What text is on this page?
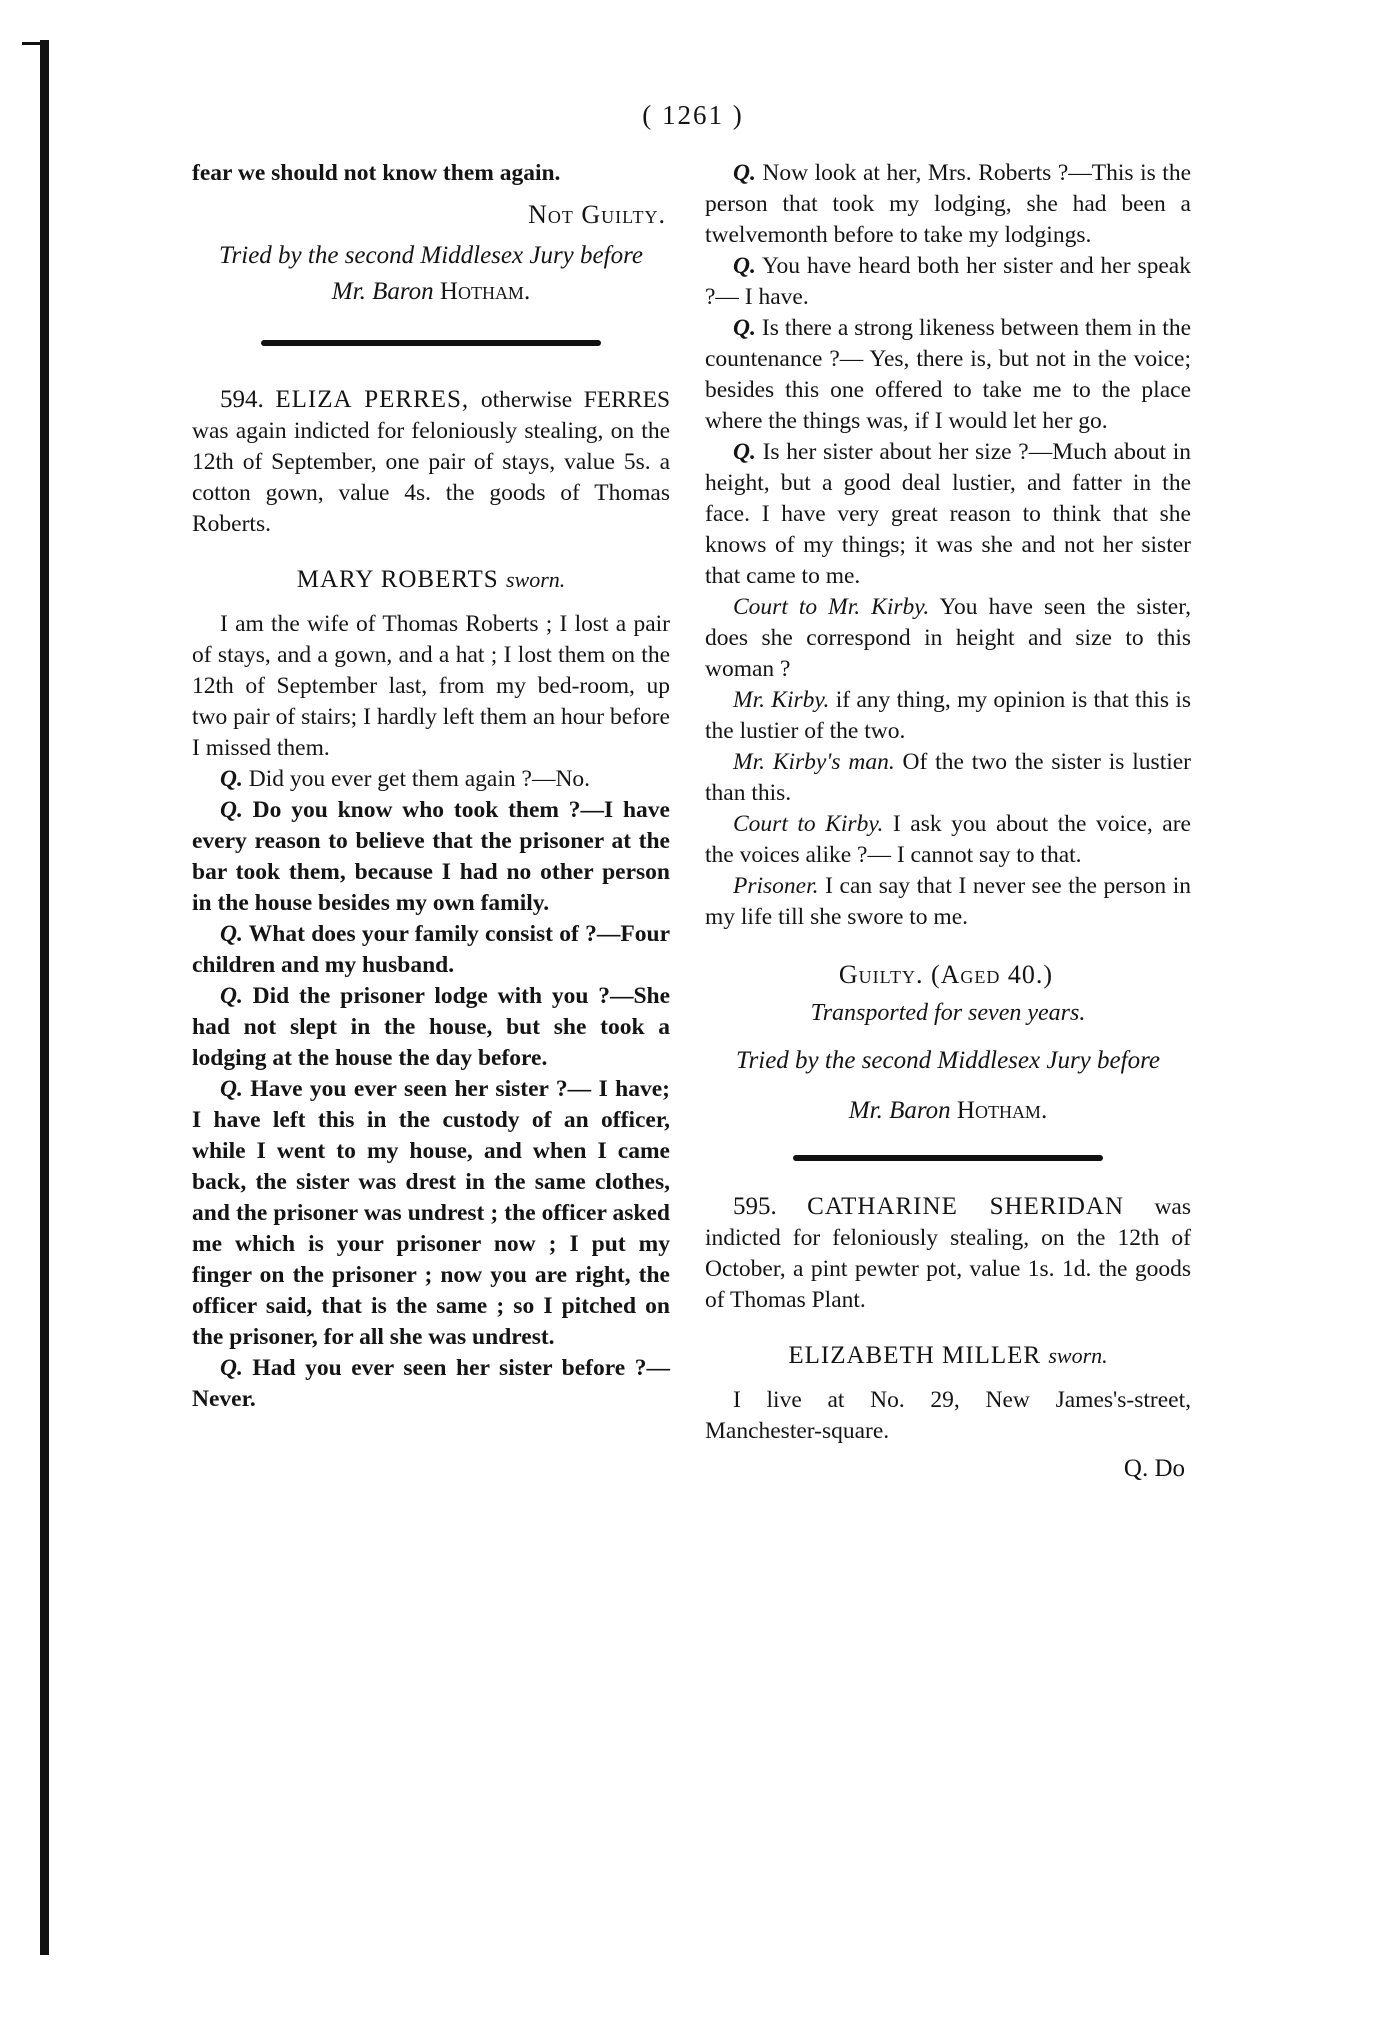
( 1261 )

fear we should not know them again.

Not Guilty.
Tried by the second Middlesex Jury before
Mr. Baron Hotham.

594. ELIZA PERRES, otherwise FERRES was again indicted for feloniously stealing, on the 12th of September, one pair of stays, value 5s. a cotton gown, value 4s. the goods of Thomas Roberts.

MARY ROBERTS sworn.

I am the wife of Thomas Roberts ; I lost a pair of stays, and a gown, and a hat ; I lost them on the 12th of September last, from my bed-room, up two pair of stairs; I hardly left them an hour before I missed them.

Q. Did you ever get them again ?—No.

Q. Do you know who took them ?—I have every reason to believe that the prisoner at the bar took them, because I had no other person in the house besides my own family.

Q. What does your family consist of ?—Four children and my husband.

Q. Did the prisoner lodge with you ?—She had not slept in the house, but she took a lodging at the house the day before.

Q. Have you ever seen her sister ?— I have; I have left this in the custody of an officer, while I went to my house, and when I came back, the sister was drest in the same clothes, and the prisoner was undrest ; the officer asked me which is your prisoner now ; I put my finger on the prisoner ; now you are right, the officer said, that is the same ; so I pitched on the prisoner, for all she was undrest.

Q. Had you ever seen her sister before ?—Never.

Q. Now look at her, Mrs. Roberts ?—This is the person that took my lodging, she had been a twelvemonth before to take my lodgings.

Q. You have heard both her sister and her speak ?— I have.

Q. Is there a strong likeness between them in the countenance ?— Yes, there is, but not in the voice; besides this one offered to take me to the place where the things was, if I would let her go.

Q. Is her sister about her size ?—Much about in height, but a good deal lustier, and fatter in the face. I have very great reason to think that she knows of my things; it was she and not her sister that came to me.

Court to Mr. Kirby. You have seen the sister, does she correspond in height and size to this woman ?

Mr. Kirby. if any thing, my opinion is that this is the lustier of the two.

Mr. Kirby's man. Of the two the sister is lustier than this.

Court to Kirby. I ask you about the voice, are the voices alike ?— I cannot say to that.

Prisoner. I can say that I never see the person in my life till she swore to me.

Guilty. (Aged 40.)
Transported for seven years.
Tried by the second Middlesex Jury before
Mr. Baron Hotham.

595. CATHARINE SHERIDAN was indicted for feloniously stealing, on the 12th of October, a pint pewter pot, value 1s. 1d. the goods of Thomas Plant.

ELIZABETH MILLER sworn.

I live at No. 29, New James's-street, Manchester-square.

Q. Do
